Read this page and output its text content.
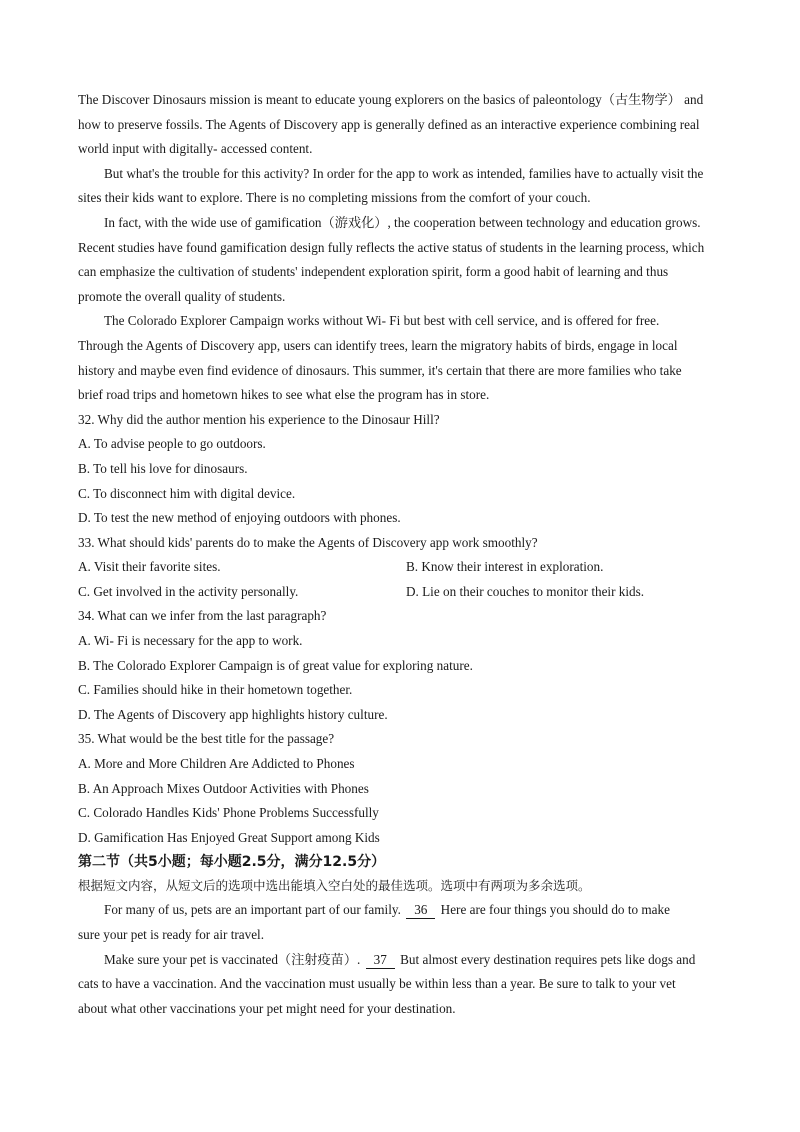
The Discover Dinosaurs mission is meant to educate young explorers on the basics of paleontology（古生物学） and
how to preserve fossils. The Agents of Discovery app is generally defined as an interactive experience combining real
world input with digitally- accessed content.
But what's the trouble for this activity? In order for the app to work as intended, families have to actually visit the
sites their kids want to explore. There is no completing missions from the comfort of your couch.
In fact, with the wide use of gamification（游戏化）, the cooperation between technology and education grows.
Recent studies have found gamification design fully reflects the active status of students in the learning process, which
can emphasize the cultivation of students' independent exploration spirit, form a good habit of learning and thus
promote the overall quality of students.
The Colorado Explorer Campaign works without Wi- Fi but best with cell service, and is offered for free.
Through the Agents of Discovery app, users can identify trees, learn the migratory habits of birds, engage in local
history and maybe even find evidence of dinosaurs. This summer, it's certain that there are more families who take
brief road trips and hometown hikes to see what else the program has in store.
32. Why did the author mention his experience to the Dinosaur Hill?
A. To advise people to go outdoors.
B. To tell his love for dinosaurs.
C. To disconnect him with digital device.
D. To test the new method of enjoying outdoors with phones.
33. What should kids' parents do to make the Agents of Discovery app work smoothly?
A. Visit their favorite sites.	B. Know their interest in exploration.
C. Get involved in the activity personally.	D. Lie on their couches to monitor their kids.
34. What can we infer from the last paragraph?
A. Wi- Fi is necessary for the app to work.
B. The Colorado Explorer Campaign is of great value for exploring nature.
C. Families should hike in their hometown together.
D. The Agents of Discovery app highlights history culture.
35. What would be the best title for the passage?
A. More and More Children Are Addicted to Phones
B. An Approach Mixes Outdoor Activities with Phones
C. Colorado Handles Kids' Phone Problems Successfully
D. Gamification Has Enjoyed Great Support among Kids
第二节（共5小题；每小题2.5分，满分12.5分）
根据短文内容，从短文后的选项中选出能填入空白处的最佳选项。选项中有两项为多余选项。
For many of us, pets are an important part of our family. 36 Here are four things you should do to make
sure your pet is ready for air travel.
Make sure your pet is vaccinated（注射疫苗）. 37 But almost every destination requires pets like dogs and
cats to have a vaccination. And the vaccination must usually be within less than a year. Be sure to talk to your vet
about what other vaccinations your pet might need for your destination.
